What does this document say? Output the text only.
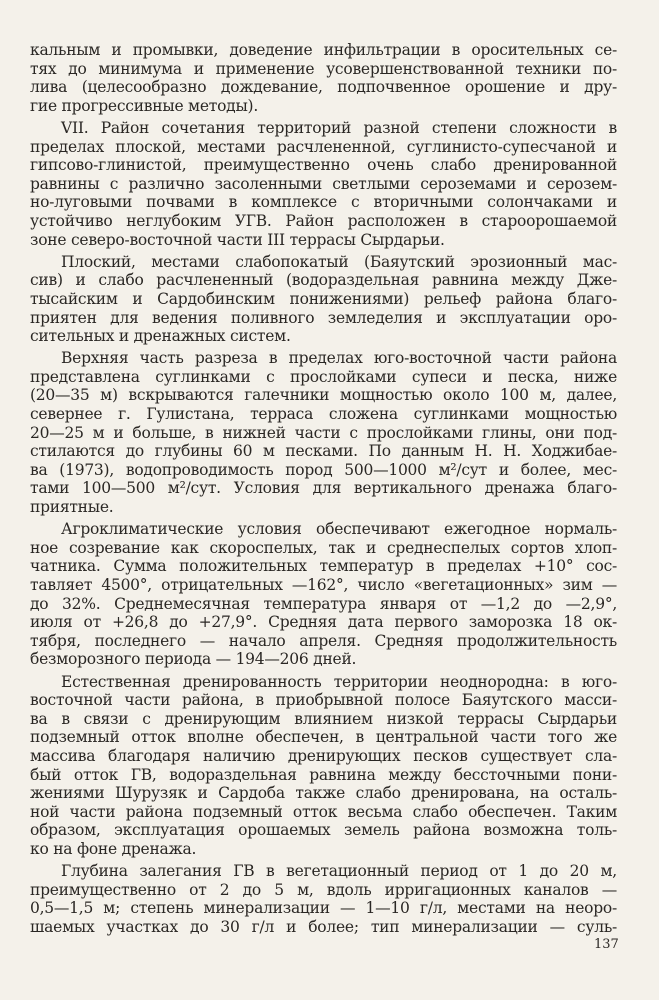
кальным и промывки, доведение инфильтрации в оросительных се-
тях до минимума и применение усовершенствованной техники по-
лива (целесообразно дождевание, подпочвенное орошение и дру-
гие прогрессивные методы).
VII. Район сочетания территорий разной степени сложности в
пределах плоской, местами расчлененной, суглинисто-супесчаной и
гипсово-глинистой, преимущественно очень слабо дренированной
равнины с различно засоленными светлыми сероземами и серозем-
но-луговыми почвами в комплексе с вторичными солончаками и
устойчиво неглубоким УГВ. Район расположен в староорошаемой
зоне северо-восточной части III террасы Сырдарьи.
Плоский, местами слабопокатый (Баяутский эрозионный мас-
сив) и слабо расчлененный (водораздельная равнина между Дже-
тысайским и Сардобинским понижениями) рельеф района благо-
приятен для ведения поливного земледелия и эксплуатации оро-
сительных и дренажных систем.
Верхняя часть разреза в пределах юго-восточной части района
представлена суглинками с прослойками супеси и песка, ниже
(20—35 м) вскрываются галечники мощностью около 100 м, далее,
севернее г. Гулистана, терраса сложена суглинками мощностью
20—25 м и больше, в нижней части с прослойками глины, они под-
стилаются до глубины 60 м песками. По данным Н. Н. Ходжибае-
ва (1973), водопроводимость пород 500—1000 м²/сут и более, мес-
тами 100—500 м²/сут. Условия для вертикального дренажа благо-
приятные.
Агроклиматические условия обеспечивают ежегодное нормаль-
ное созревание как скороспелых, так и среднеспелых сортов хлоп-
чатника. Сумма положительных температур в пределах +10° сос-
тавляет 4500°, отрицательных —162°, число «вегетационных» зим —
до 32%. Среднемесячная температура января от —1,2 до —2,9°,
июля от +26,8 до +27,9°. Средняя дата первого заморозка 18 ок-
тября, последнего — начало апреля. Средняя продолжительность
безморозного периода — 194—206 дней.
Естественная дренированность территории неоднородна: в юго-
восточной части района, в приобрывной полосе Баяутского масси-
ва в связи с дренирующим влиянием низкой террасы Сырдарьи
подземный отток вполне обеспечен, в центральной части того же
массива благодаря наличию дренирующих песков существует сла-
бый отток ГВ, водораздельная равнина между бессточными пони-
жениями Шурузяк и Сардоба также слабо дренирована, на осталь-
ной части района подземный отток весьма слабо обеспечен. Таким
образом, эксплуатация орошаемых земель района возможна толь-
ко на фоне дренажа.
Глубина залегания ГВ в вегетационный период от 1 до 20 м,
преимущественно от 2 до 5 м, вдоль ирригационных каналов —
0,5—1,5 м; степень минерализации — 1—10 г/л, местами на неоро-
шаемых участках до 30 г/л и более; тип минерализации — суль-
137
